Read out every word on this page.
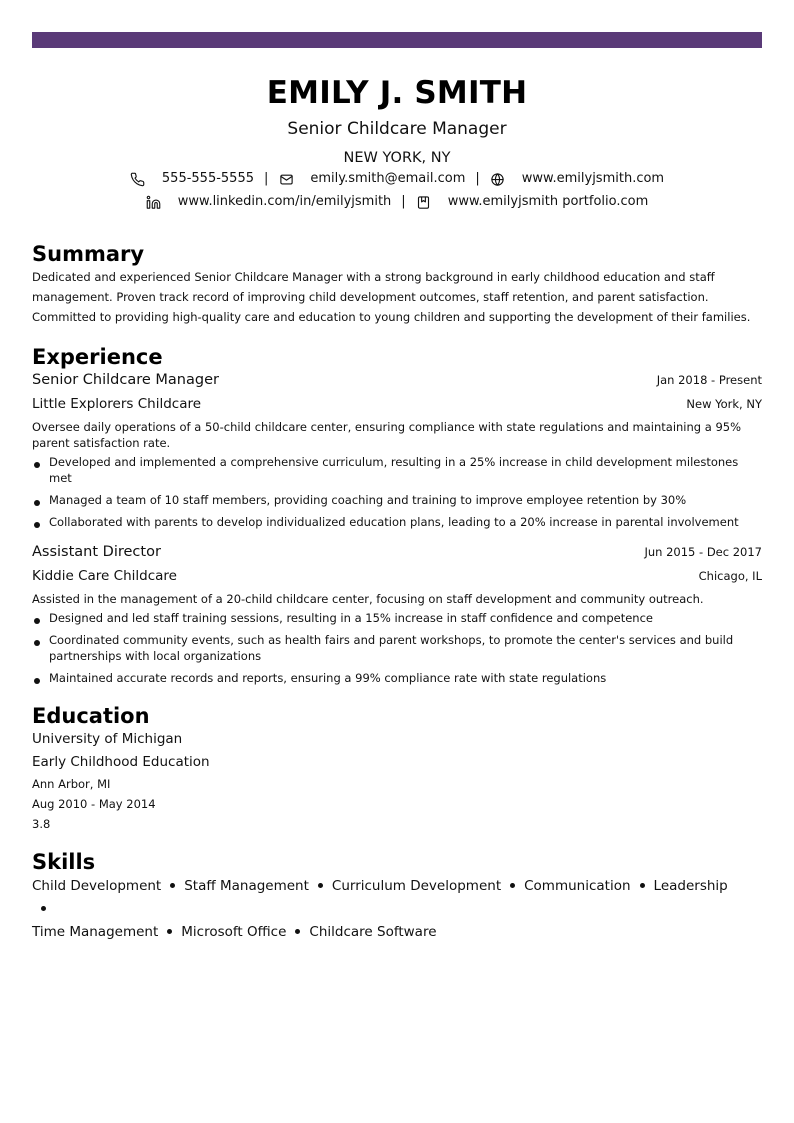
EMILY J. SMITH
Senior Childcare Manager
NEW YORK, NY
555-555-5555 |	emily.smith@email.com |	www.emilyjsmith.com
www.linkedin.com/in/emilyjsmith |	www.emilyjsmith portfolio.com
Summary
Dedicated and experienced Senior Childcare Manager with a strong background in early childhood education and staff management. Proven track record of improving child development outcomes, staff retention, and parent satisfaction. Committed to providing high-quality care and education to young children and supporting the development of their families.
Experience
Senior Childcare Manager	Jan 2018 - Present
Little Explorers Childcare	New York, NY
Oversee daily operations of a 50-child childcare center, ensuring compliance with state regulations and maintaining a 95% parent satisfaction rate.
Developed and implemented a comprehensive curriculum, resulting in a 25% increase in child development milestones met
Managed a team of 10 staff members, providing coaching and training to improve employee retention by 30%
Collaborated with parents to develop individualized education plans, leading to a 20% increase in parental involvement
Assistant Director	Jun 2015 - Dec 2017
Kiddie Care Childcare	Chicago, IL
Assisted in the management of a 20-child childcare center, focusing on staff development and community outreach.
Designed and led staff training sessions, resulting in a 15% increase in staff confidence and competence
Coordinated community events, such as health fairs and parent workshops, to promote the center's services and build partnerships with local organizations
Maintained accurate records and reports, ensuring a 99% compliance rate with state regulations
Education
University of Michigan
Early Childhood Education
Ann Arbor, MI
Aug 2010 - May 2014
3.8
Skills
Child Development Staff Management Curriculum Development Communication Leadership
Time Management Microsoft Office Childcare Software
